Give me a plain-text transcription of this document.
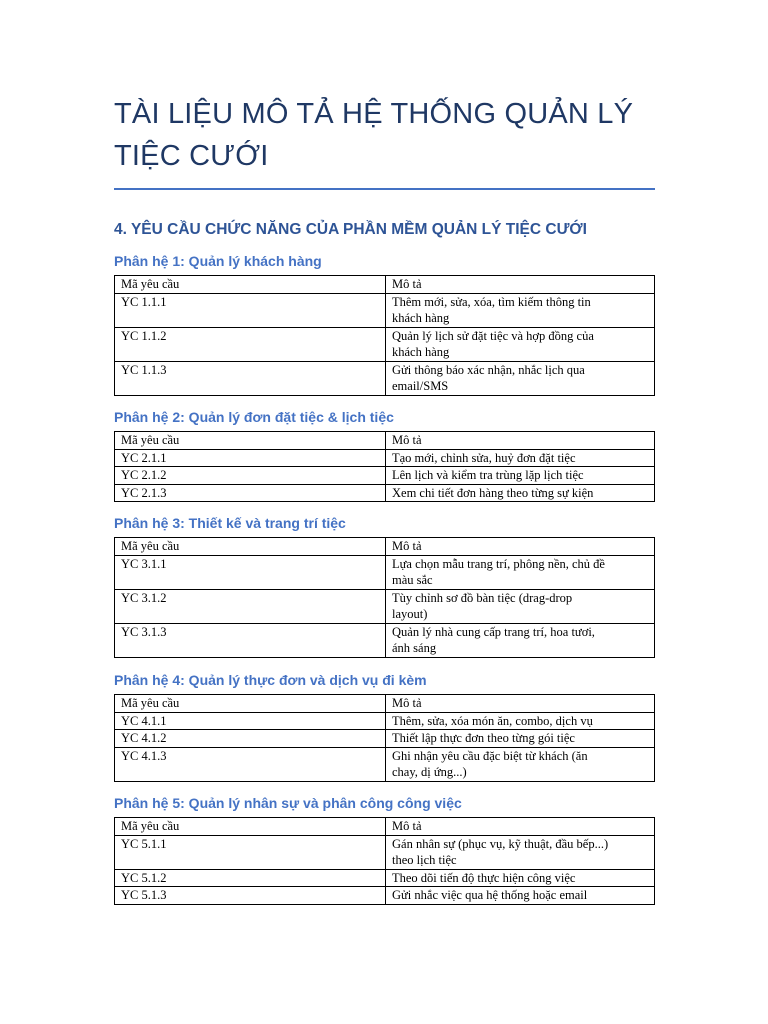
TÀI LIỆU MÔ TẢ HỆ THỐNG QUẢN LÝ
TIỆC CƯỚI
4. YÊU CẦU CHỨC NĂNG CỦA PHẦN MỀM QUẢN LÝ TIỆC CƯỚI
Phân hệ 1: Quản lý khách hàng
Mã yêu cầu	Mô tả
YC 1.1.1	Thêm mới, sửa, xóa, tìm kiếm thông tin
khách hàng
YC 1.1.2	Quản lý lịch sử đặt tiệc và hợp đồng của
khách hàng
YC 1.1.3	Gửi thông báo xác nhận, nhắc lịch qua
email/SMS
Phân hệ 2: Quản lý đơn đặt tiệc & lịch tiệc
Mã yêu cầu	Mô tả
YC 2.1.1	Tạo mới, chỉnh sửa, huỷ đơn đặt tiệc
YC 2.1.2	Lên lịch và kiểm tra trùng lặp lịch tiệc
YC 2.1.3	Xem chi tiết đơn hàng theo từng sự kiện
Phân hệ 3: Thiết kế và trang trí tiệc
Mã yêu cầu	Mô tả
YC 3.1.1	Lựa chọn mẫu trang trí, phông nền, chủ đề
màu sắc
YC 3.1.2	Tùy chỉnh sơ đồ bàn tiệc (drag-drop
layout)
YC 3.1.3	Quản lý nhà cung cấp trang trí, hoa tươi,
ánh sáng
Phân hệ 4: Quản lý thực đơn và dịch vụ đi kèm
Mã yêu cầu	Mô tả
YC 4.1.1	Thêm, sửa, xóa món ăn, combo, dịch vụ
YC 4.1.2	Thiết lập thực đơn theo từng gói tiệc
YC 4.1.3	Ghi nhận yêu cầu đặc biệt từ khách (ăn
chay, dị ứng...)
Phân hệ 5: Quản lý nhân sự và phân công công việc
Mã yêu cầu	Mô tả
YC 5.1.1	Gán nhân sự (phục vụ, kỹ thuật, đầu bếp...)
theo lịch tiệc
YC 5.1.2	Theo dõi tiến độ thực hiện công việc
YC 5.1.3	Gửi nhắc việc qua hệ thống hoặc email
